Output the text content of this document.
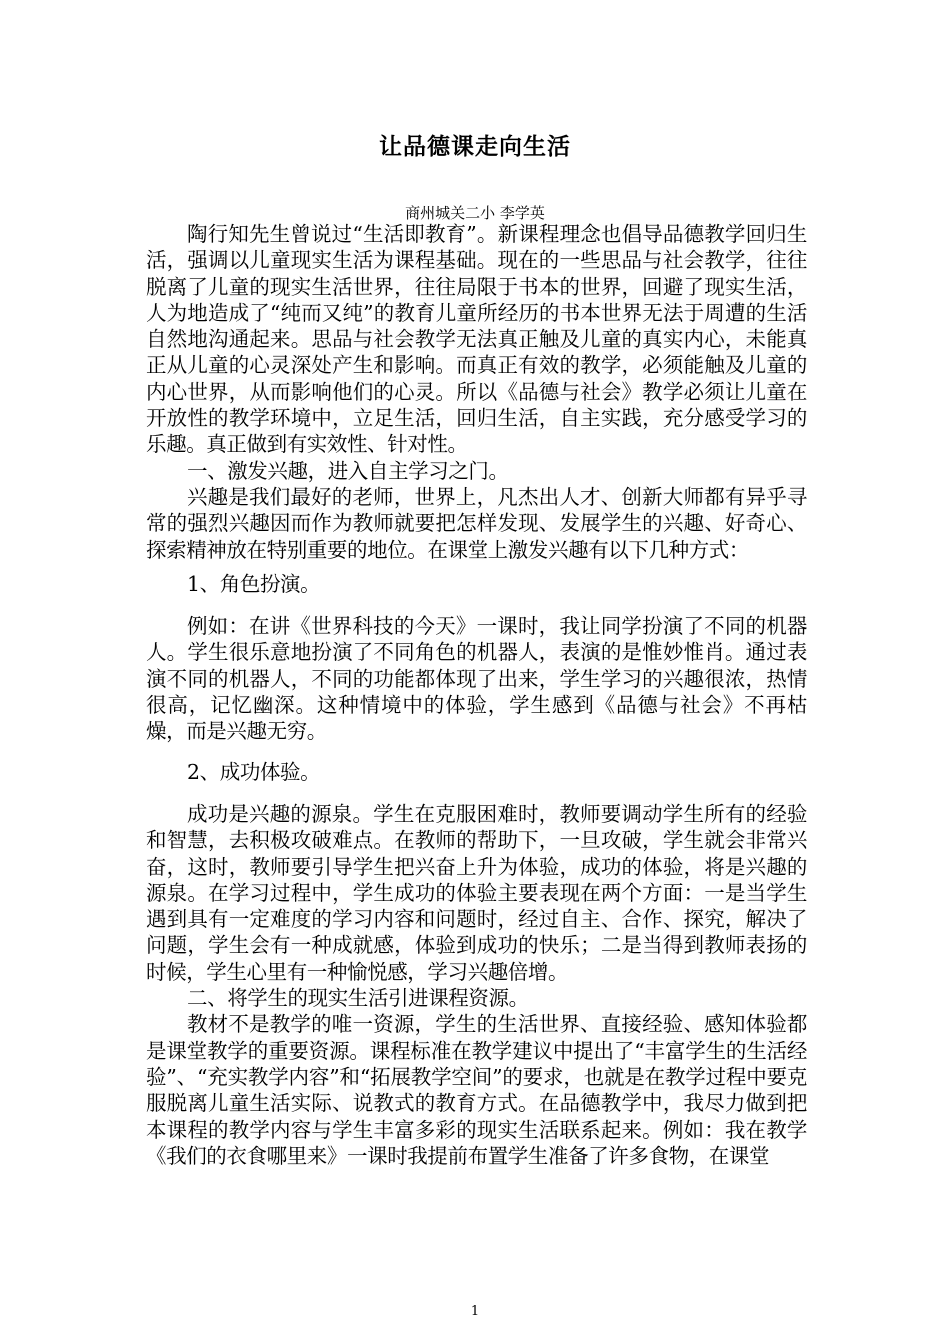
让品德课走向生活
商州城关二小 李学英

陶行知先生曾说过“生活即教育”。新课程理念也倡导品德教学回归生活，强调以儿童现实生活为课程基础。现在的一些思品与社会教学，往往脱离了儿童的现实生活世界，往往局限于书本的世界，回避了现实生活，人为地造成了“纯而又纯”的教育儿童所经历的书本世界无法于周遭的生活自然地沟通起来。思品与社会教学无法真正触及儿童的真实内心，未能真正从儿童的心灵深处产生和影响。而真正有效的教学，必须能触及儿童的内心世界，从而影响他们的心灵。所以《品德与社会》教学必须让儿童在开放性的教学环境中，立足生活，回归生活，自主实践，充分感受学习的乐趣。真正做到有实效性、针对性。

一、激发兴趣，进入自主学习之门。

兴趣是我们最好的老师，世界上，凡杰出人才、创新大师都有异乎寻常的强烈兴趣因而作为教师就要把怎样发现、发展学生的兴趣、好奇心、探索精神放在特别重要的地位。在课堂上激发兴趣有以下几种方式：

1、角色扮演。

例如：在讲《世界科技的今天》一课时，我让同学扮演了不同的机器人。学生很乐意地扮演了不同角色的机器人，表演的是惟妙惟肖。通过表演不同的机器人，不同的功能都体现了出来，学生学习的兴趣很浓，热情很高，记忆幽深。这种情境中的体验，学生感到《品德与社会》不再枯燥，而是兴趣无穷。

2、成功体验。

成功是兴趣的源泉。学生在克服困难时，教师要调动学生所有的经验和智慧，去积极攻破难点。在教师的帮助下，一旦攻破，学生就会非常兴奋，这时，教师要引导学生把兴奋上升为体验，成功的体验，将是兴趣的源泉。在学习过程中，学生成功的体验主要表现在两个方面：一是当学生遇到具有一定难度的学习内容和问题时，经过自主、合作、探究，解决了问题，学生会有一种成就感，体验到成功的快乐；二是当得到教师表扬的时候，学生心里有一种愉悦感，学习兴趣倍增。

二、将学生的现实生活引进课程资源。

教材不是教学的唯一资源，学生的生活世界、直接经验、感知体验都是课堂教学的重要资源。课程标准在教学建议中提出了“丰富学生的生活经验”、“充实教学内容”和“拓展教学空间”的要求，也就是在教学过程中要克服脱离儿童生活实际、说教式的教育方式。在品德教学中，我尽力做到把本课程的教学内容与学生丰富多彩的现实生活联系起来。例如：我在教学《我们的衣食哪里来》一课时我提前布置学生准备了许多食物，在课堂

1
